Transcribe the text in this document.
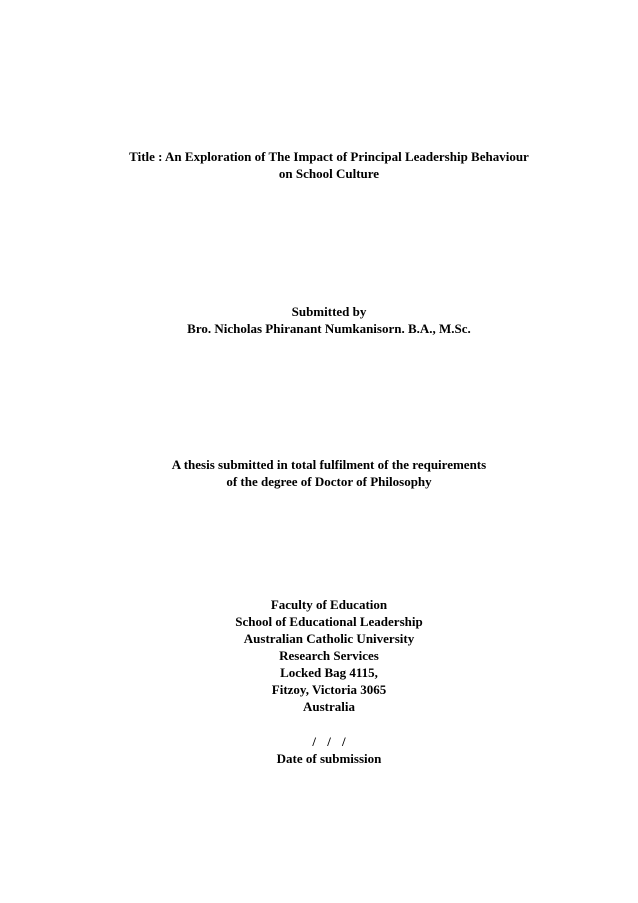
Title : An Exploration of The Impact of Principal Leadership Behaviour
on School Culture
Submitted by
Bro. Nicholas Phiranant Numkanisorn. B.A., M.Sc.
A thesis submitted in total fulfilment of the requirements
of the degree of Doctor of Philosophy
Faculty of Education
School of Educational Leadership
Australian Catholic University
Research Services
Locked Bag 4115,
Fitzoy, Victoria 3065
Australia
/ / /
Date of submission
